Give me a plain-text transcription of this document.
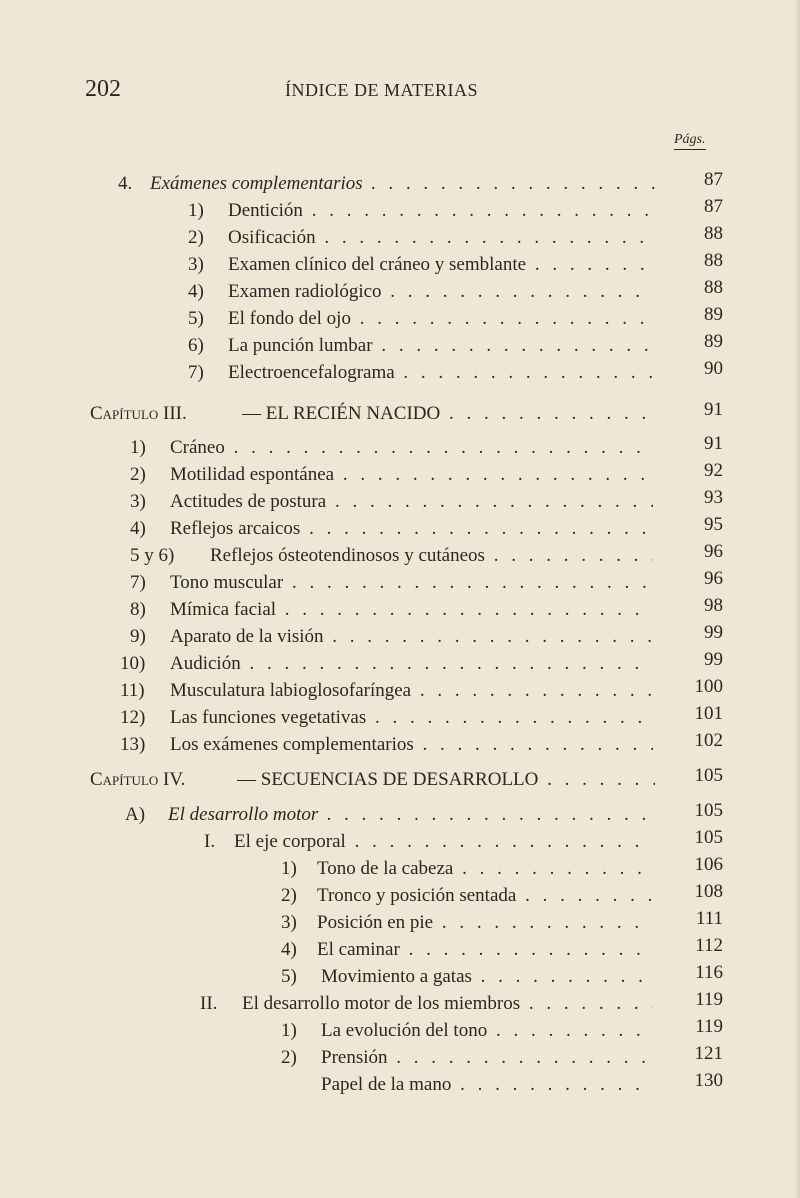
202	ÍNDICE DE MATERIAS
Págs.
4. Exámenes complementarios . . .	87
1) Dentición . . .	87
2) Osificación . . .	88
3) Examen clínico del cráneo y semblante . . .	88
4) Examen radiológico . . .	88
5) El fondo del ojo . . .	89
6) La punción lumbar . . .	89
7) Electroencefalograma . . .	90
Capítulo III.	— EL RECIÉN NACIDO . . .	91
1) Cráneo . . .	91
2) Motilidad espontánea . . .	92
3) Actitudes de postura . . .	93
4) Reflejos arcaicos . . .	95
5 y 6) Reflejos ósteotendinosos y cutáneos . . .	96
7) Tono muscular . . .	96
8) Mímica facial . . .	98
9) Aparato de la visión . . .	99
10) Audición . . .	99
11) Musculatura labioglosofaríngea . . .	100
12) Las funciones vegetativas . . .	101
13) Los exámenes complementarios . . .	102
Capítulo IV.	— SECUENCIAS DE DESARROLLO . . .	105
A) El desarrollo motor . . .	105
I. El eje corporal . . .	105
1) Tono de la cabeza . . .	106
2) Tronco y posición sentada . . .	108
3) Posición en pie . . .	111
4) El caminar . . .	112
5) Movimiento a gatas . . .	116
II. El desarrollo motor de los miembros . . .	119
1) La evolución del tono . . .	119
2) Prensión . . .	121
Papel de la mano . . .	130
